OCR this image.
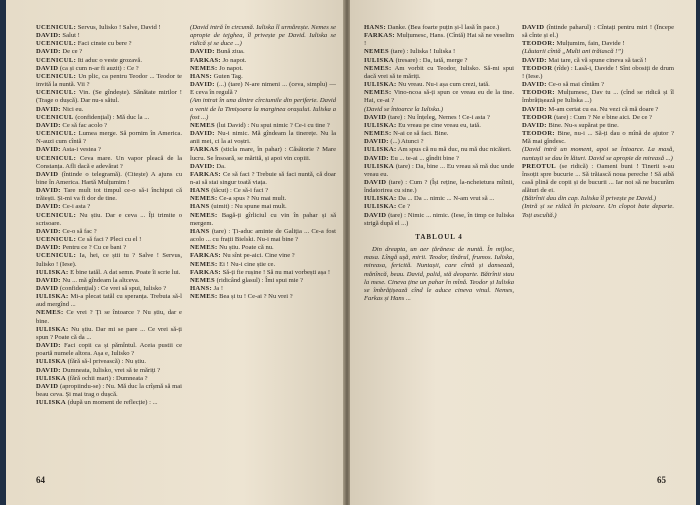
UCENICUL: Servus, Iulisko ! Salve, David !

DAVID: Salut !

UCENICUL: Faci cinste cu bere ?

DAVID: De ce ?

UCENICUL: Iti aduc o veste grozavă.

DAVID (ca și cum n-ar fi auzit) : Ce ?

UCENICUL: Un plic, ca pentru Teodor ... Teodor te invită la nuntă. Vii ?

UCENICUL: Vin. (Se gîndește). Sănătate mirilor ! (Trage o dușcă). Dar nu-s sătul.

DAVID: Nici eu.

UCENICUL (confidențial) : Mă duc la ...

DAVID: Ce să fac acolo ?

UCENICUL: Lumea merge. Să pornim în America. N-auzi cum cîntă ?

DAVID: Asta-i vestea ?

UCENICUL: Ceva mare. Un vapor pleacă de la Constanța. Afli dacă e adevărat ?

DAVID (întinde o telegramă). (Citește) A ajuns cu bine în America. Hartă Mulțumim !

DAVID: Tare mult tot timpul ce-o să-i închipui că trăiești. Și-mi va fi dor de tine.

DAVID: Ce-i asta ?

UCENICUL: Nu știu. Dar e ceva ... Îți trimite o scrisoare.

DAVID: Ce-o să fac ?

UCENICUL: Ce să faci ? Pleci cu el !

DAVID: Pentru ce ? Cu ce bani ?

UCENICUL: Ia, hei, ce știi tu ? Salve ! Servus, Iulisko ! (Iese).

IULISKA: E bine tatăl. A dat semn. Poate îi scrie lui.

DAVID: Nu ... mă gîndeam la altceva.

DAVID (confidențial) : Ce vrei să spui, Iulisko ?

IULISKA: Mi-a plecat tatăl cu speranța. Trebuia să-l aud mergînd ...

NEMES: Ce vrei ? Ți se întoarce ? Nu știu, dar e bine.

IULISKA: Nu știu. Dar mi se pare ... Ce vrei să-ți spun ? Poate că da ...

DAVID: Faci copii ca și pămîntul. Aceia pustii ce poartă numele altora. Așa e, Iulisko ?

IULISKA (fără să-l privească) : Nu știu.

DAVID: Dumneata, Iulisko, vrei să te măriți ?

IULISKA (fără ochii mari) : Dumneata ?

DAVID (apropiindu-se) : Nu. Mă duc la crîșmă să mai beau ceva. Și mai trag o dușcă.

IULISKA (după un moment de reflecție) : ...

(David intră în circumă. Iuliska îl urmărește. Nemes se apropie de tejghea, îl privește pe David. Iuliska se ridică și se duce ...)

DAVID: Bună ziua.

FARKAS: Jo napot.

NEMES: Jo napot.

HANS: Guten Tag.

DAVID: (...) (tare) N-are nimeni ... (ceva, simplu) — E ceva în regulă ?

(Am intrat în una dintre cîrciumile din periferie. David a venit de la Timișoara la marginea orașului. Iuliska a fost ...)

NEMES (lui David) : Nu spui nimic ? Ce-i cu tine ?

DAVID: Nu-i nimic. Mă gîndeam la tinerețe. Nu la anii mei, ci la ai voștri.

FARKAS (sticla mare, în pahar) : Căsătorie ? Mare lucru. Se însoară, se mărită, și apoi vin copiii.

DAVID: Da.

FARKAS: Ce să faci ? Trebuie să faci nuntă, că doar n-ai să stai singur toată viața.

HANS (tăcut) : Ce să-i faci ?

NEMES: Ce-a spus ? Nu mai mult.

HANS (uimit) : Nu spune mai mult.

NEMES: Bagă-ți gîrliciul cu vin în pahar și să mergem.

HANS (tare) : Ți-aduc aminte de Galiția ... Ce-a fost acolo ... cu frații Bielski. Nu-i mai bine ?

NEMES: Nu știu. Poate că nu.

FARKAS: Nu sînt pe-aici. Cine vine ?

NEMES: Ei ! Nu-i cine știe ce.

FARKAS: Să-ți fie rușine ! Să nu mai vorbești așa !

NEMES (ridicând glasul) : Îmi spui mie ?

HANS: Ja !

NEMES: Bea și tu ! Ce-ai ? Nu vrei ?

64

HANS: Danke. (Bea foarte puțin și-l lasă în pace.)

FARKAS: Mulțumesc, Hans. (Cîntă) Hai să ne veselim !

NEMES (tare) : Iuliska ! Iuliska !

IULISKA (tresare) : Da, tată, merge ?

NEMES: Am vorbit cu Teodor, Iulisko. Să-mi spui dacă vrei să te măriți.

IULISKA: Nu vreau. Nu-i așa cum crezi, tată.

NEMES: Vino-ncoa să-ți spun ce vreau eu de la tine. Hai, ce-ai ?

(David se întoarce la Iuliska.)

DAVID (tare) : Nu înțeleg, Nemes ! Ce-i asta ?

IULISKA: Eu vreau pe cine vreau eu, tată.

NEMES: N-ai ce să faci. Bine.

DAVID: (...) Atunci ?

IULISKA: Am spus că nu mă duc, nu mă duc nicăieri.

DAVID: Eu ... te-ai ... gîndit bine ?

IULISKA (tare) : Da, bine ... Eu vreau să mă duc unde vreau eu.

DAVID (tare) : Cum ? (Își reține, la-ncheietura mîinii, îndatorirea cu sine.)

IULISKA: Da ... Da ... nimic ... N-am vrut să ...

IULISKA: Ce ?

DAVID (tare) : Nimic ... nimic. (Iese, în timp ce Iuliska strigă după el ...)

TABLOUL 4

Din dreapta, un aer țărănesc de nuntă. În mijloc, masa. Lîngă ușă, mirii. Teodor, tînărul, frumos. Iuliska, mireasa, fericită. Nuntașii, care cîntă și dansează, mănîncă, beau. David, palid, stă deoparte. Bătrînii stau la mese. Cineva ține un pahar în mînă. Teodor și Iuliska se îmbrățișează cînd le aduce cineva vinul. Nemes, Farkas și Hans ...

DAVID (întinde paharul) : Cîntați pentru miri ! (Începe să cînte și el.)

TEODOR: Mulțumim, fain, Davide !

(Lăutarii cîntă „Multi ani trăiască !”)

DAVID: Mai tare, că vă spune cineva să tacă !

TEODOR (rîde) : Lasă-i, Davide ! Sînt obosiți de drum ! (Iese.)

DAVID: Ce-o să mai cîntăm ?

TEODOR: Mulțumesc, Dav tu ... (cînd se ridică și îl îmbrățișează pe Iuliska ...)

DAVID: M-am certat cu ea. Nu vezi că mă doare ?

TEODOR (tare) : Cum ? Ne e bine aici. De ce ?

DAVID: Bine. Nu-s supărat pe tine.

TEODOR: Bine, nu-i ... Să-ți dau o mînă de ajutor ? Mă mai gîndesc.

(David intră un moment, apoi se întoarce. La masă, nuntașii se dau în lături. David se apropie de mireasă ...)

PREOTUL (se ridică) : Oameni buni ! Tinerii s-au însoțit spre bucurie ... Să trăiască noua pereche ! Să aibă casă plină de copii și de bucurii ... Iar noi să ne bucurăm alături de ei.

(Bătrînii dau din cap. Iuliska îl privește pe David.)

(Intră și se ridică în picioare. Un clopot bate departe. Toți ascultă.)

65
